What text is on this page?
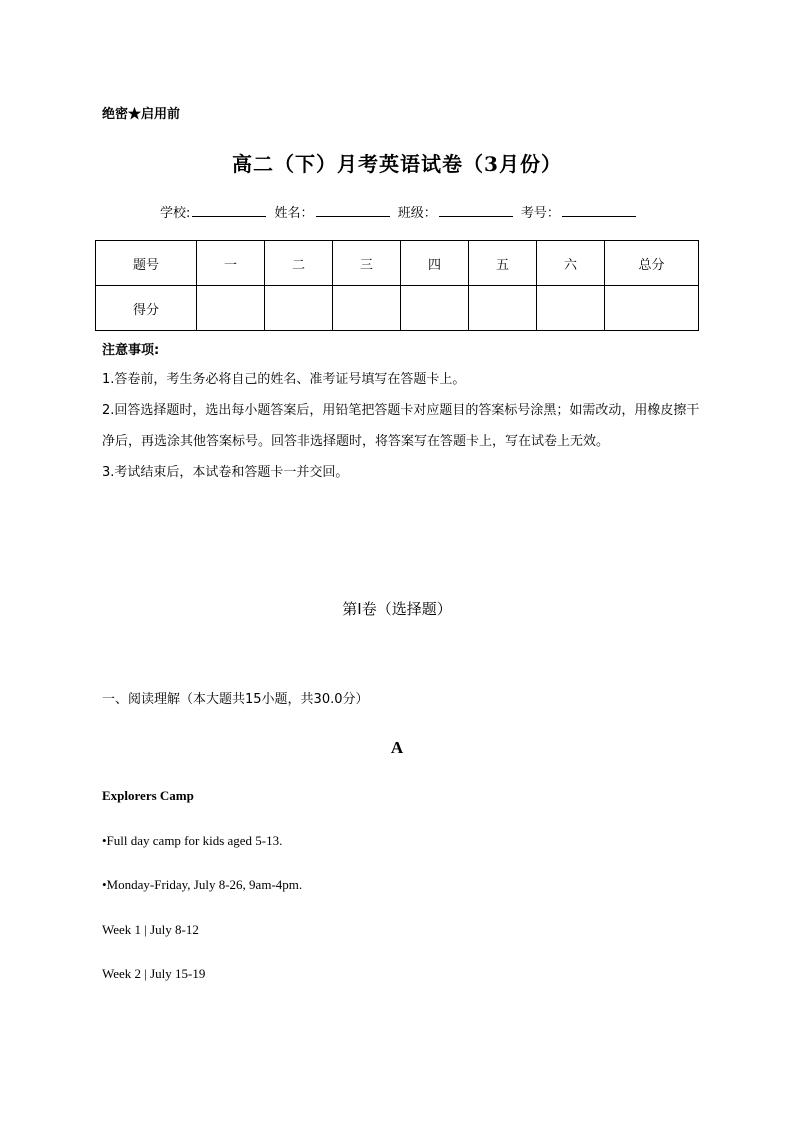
绝密★启用前
高二（下）月考英语试卷（3月份）
学校:	姓名：	班级：	考号：
题号	一	二	三	四	五	六	总分
得分							
注意事项:
1.答卷前，考生务必将自己的姓名、准考证号填写在答题卡上。
2.回答选择题时，选出每小题答案后，用铅笔把答题卡对应题目的答案标号涂黑；如需改动，用橡皮擦干净后，再选涂其他答案标号。回答非选择题时，将答案写在答题卡上，写在试卷上无效。
3.考试结束后，本试卷和答题卡一并交回。
第I卷（选择题）
一、阅读理解（本大题共15小题，共30.0分）
A
Explorers Camp
•Full day camp for kids aged 5-13.
•Monday-Friday, July 8-26, 9am-4pm.
Week 1 | July 8-12
Week 2 | July 15-19
